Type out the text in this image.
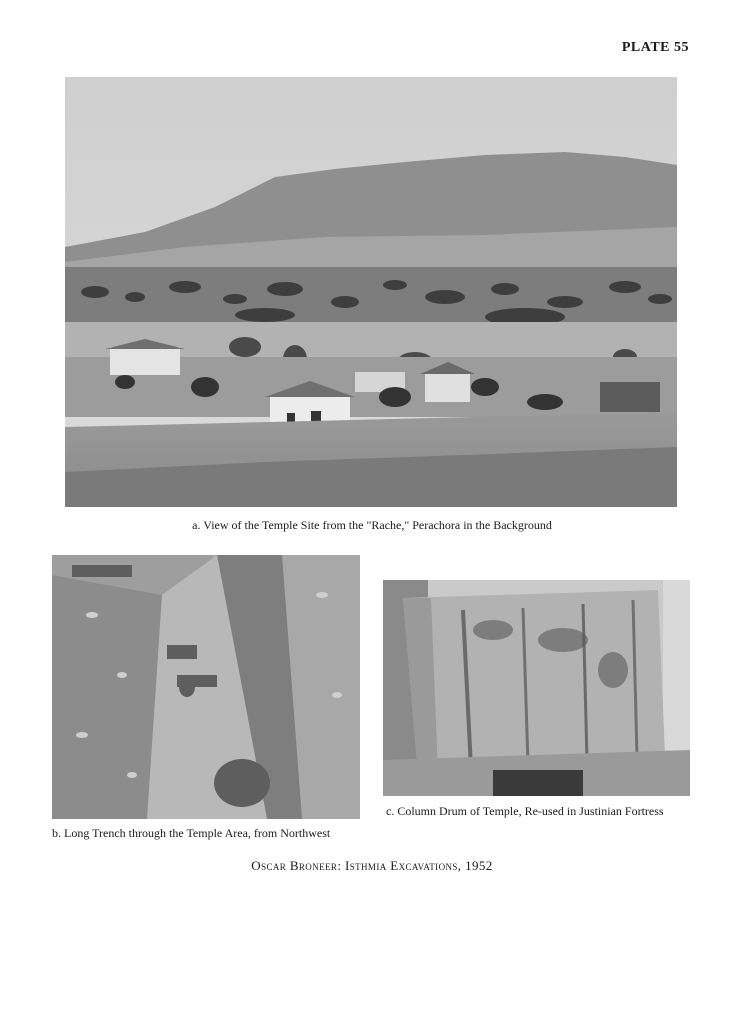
PLATE 55
a. View of the Temple Site from the "Rache," Perachora in the Background
b. Long Trench through the Temple Area, from Northwest
c. Column Drum of Temple, Re-used in Justinian Fortress
Oscar Broneer: Isthmia Excavations, 1952
